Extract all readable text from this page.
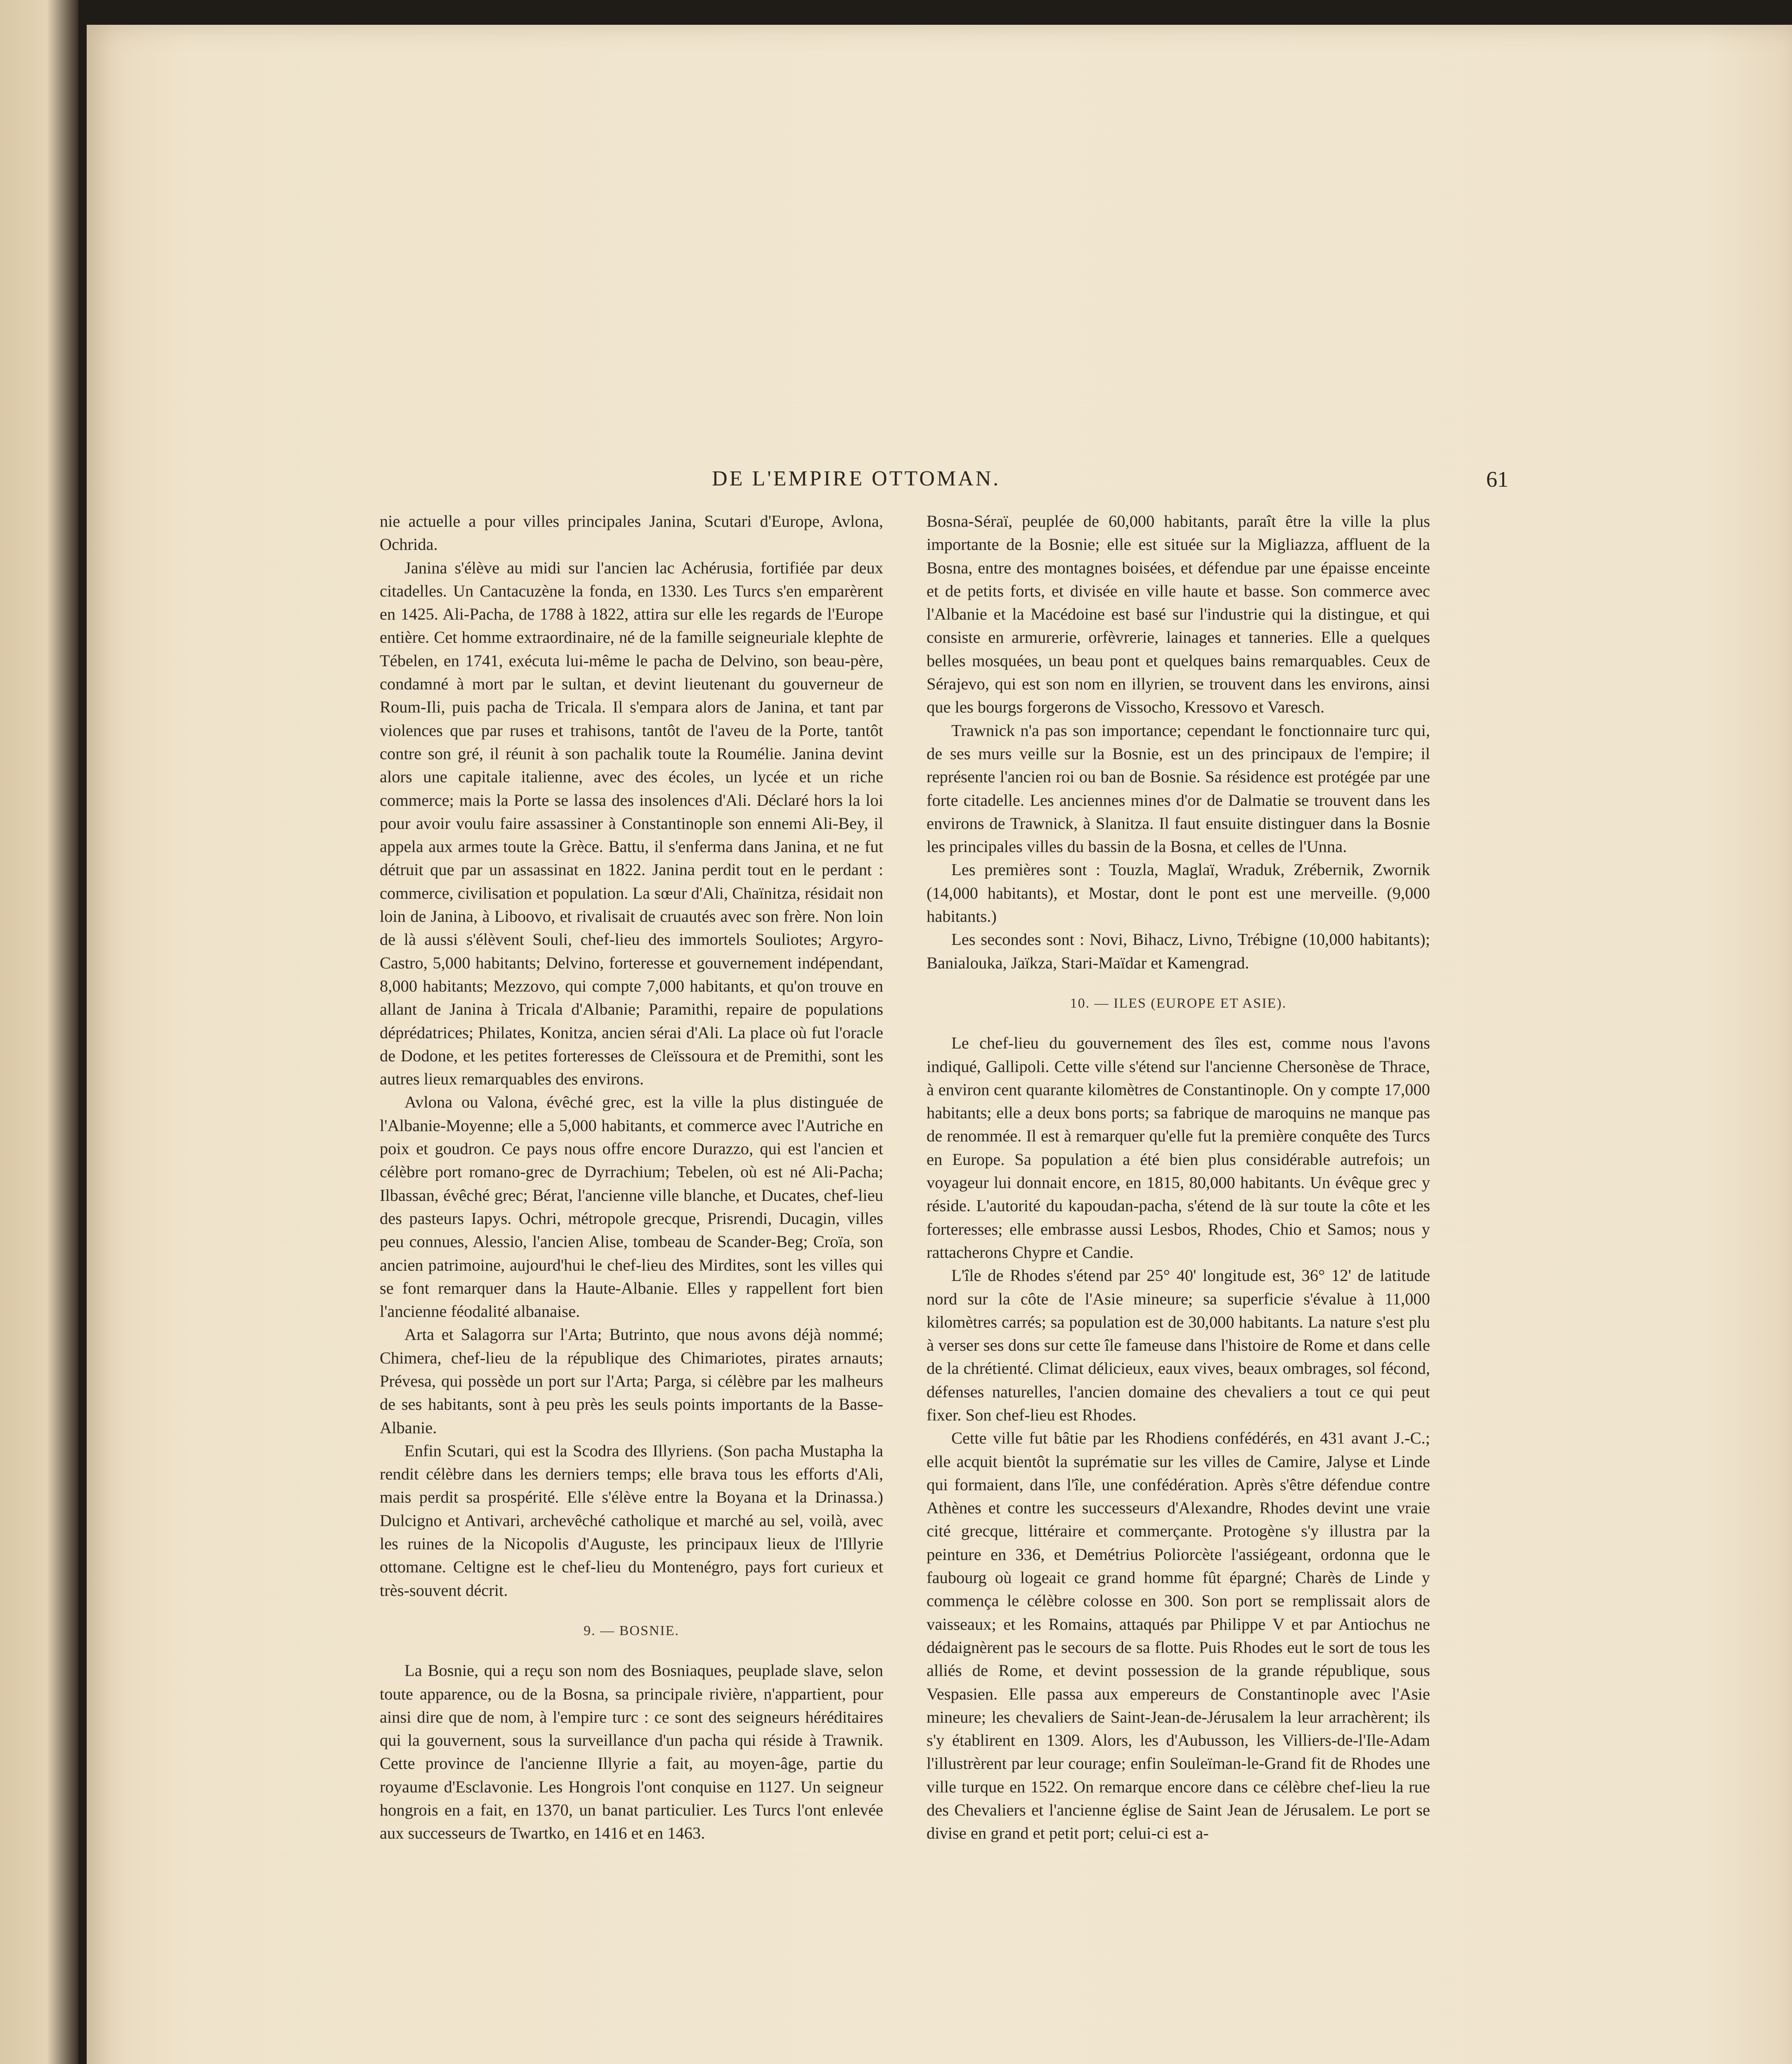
DE L'EMPIRE OTTOMAN.	61

nie actuelle a pour villes principales Janina, Scutari d'Europe, Avlona, Ochrida.

Janina s'élève au midi sur l'ancien lac Achérusia, fortifiée par deux citadelles. Un Cantacuzène la fonda, en 1330. Les Turcs s'en emparèrent en 1425. Ali-Pacha, de 1788 à 1822, attira sur elle les regards de l'Europe entière. Cet homme extraordinaire, né de la famille seigneuriale klephte de Tébelen, en 1741, exécuta lui-même le pacha de Delvino, son beau-père, condamné à mort par le sultan, et devint lieutenant du gouverneur de Roum-Ili, puis pacha de Tricala. Il s'empara alors de Janina, et tant par violences que par ruses et trahisons, tantôt de l'aveu de la Porte, tantôt contre son gré, il réunit à son pachalik toute la Roumélie. Janina devint alors une capitale italienne, avec des écoles, un lycée et un riche commerce; mais la Porte se lassa des insolences d'Ali. Déclaré hors la loi pour avoir voulu faire assassiner à Constantinople son ennemi Ali-Bey, il appela aux armes toute la Grèce. Battu, il s'enferma dans Janina, et ne fut détruit que par un assassinat en 1822. Janina perdit tout en le perdant : commerce, civilisation et population. La sœur d'Ali, Chaïnitza, résidait non loin de Janina, à Liboovo, et rivalisait de cruautés avec son frère. Non loin de là aussi s'élèvent Souli, chef-lieu des immortels Souliotes; Argyro-Castro, 5,000 habitants; Delvino, forteresse et gouvernement indépendant, 8,000 habitants; Mezzovo, qui compte 7,000 habitants, et qu'on trouve en allant de Janina à Tricala d'Albanie; Paramithi, repaire de populations déprédatrices; Philates, Konitza, ancien sérai d'Ali. La place où fut l'oracle de Dodone, et les petites forteresses de Cleïssoura et de Premithi, sont les autres lieux remarquables des environs.

Avlona ou Valona, évêché grec, est la ville la plus distinguée de l'Albanie-Moyenne; elle a 5,000 habitants, et commerce avec l'Autriche en poix et goudron. Ce pays nous offre encore Durazzo, qui est l'ancien et célèbre port romano-grec de Dyrrachium; Tebelen, où est né Ali-Pacha; Ilbassan, évêché grec; Bérat, l'ancienne ville blanche, et Ducates, chef-lieu des pasteurs Iapys. Ochri, métropole grecque, Prisrendi, Ducagin, villes peu connues, Alessio, l'ancien Alise, tombeau de Scander-Beg; Croïa, son ancien patrimoine, aujourd'hui le chef-lieu des Mirdites, sont les villes qui se font remarquer dans la Haute-Albanie. Elles y rappellent fort bien l'ancienne féodalité albanaise.

Arta et Salagorra sur l'Arta; Butrinto, que nous avons déjà nommé; Chimera, chef-lieu de la république des Chimariotes, pirates arnauts; Prévesa, qui possède un port sur l'Arta; Parga, si célèbre par les malheurs de ses habitants, sont à peu près les seuls points importants de la Basse-Albanie.

Enfin Scutari, qui est la Scodra des Illyriens. (Son pacha Mustapha la rendit célèbre dans les derniers temps; elle brava tous les efforts d'Ali, mais perdit sa prospérité. Elle s'élève entre la Boyana et la Drinassa.) Dulcigno et Antivari, archevêché catholique et marché au sel, voilà, avec les ruines de la Nicopolis d'Auguste, les principaux lieux de l'Illyrie ottomane. Celtigne est le chef-lieu du Montenégro, pays fort curieux et très-souvent décrit.

9. — BOSNIE.

La Bosnie, qui a reçu son nom des Bosniaques, peuplade slave, selon toute apparence, ou de la Bosna, sa principale rivière, n'appartient, pour ainsi dire que de nom, à l'empire turc : ce sont des seigneurs héréditaires qui la gouvernent, sous la surveillance d'un pacha qui réside à Trawnik. Cette province de l'ancienne Illyrie a fait, au moyen-âge, partie du royaume d'Esclavonie. Les Hongrois l'ont conquise en 1127. Un seigneur hongrois en a fait, en 1370, un banat particulier. Les Turcs l'ont enlevée aux successeurs de Twartko, en 1416 et en 1463.

Bosna-Séraï, peuplée de 60,000 habitants, paraît être la ville la plus importante de la Bosnie; elle est située sur la Migliazza, affluent de la Bosna, entre des montagnes boisées, et défendue par une épaisse enceinte et de petits forts, et divisée en ville haute et basse. Son commerce avec l'Albanie et la Macédoine est basé sur l'industrie qui la distingue, et qui consiste en armurerie, orfèvrerie, lainages et tanneries. Elle a quelques belles mosquées, un beau pont et quelques bains remarquables. Ceux de Sérajevo, qui est son nom en illyrien, se trouvent dans les environs, ainsi que les bourgs forgerons de Vissocho, Kressovo et Varesch.

Trawnick n'a pas son importance; cependant le fonctionnaire turc qui, de ses murs veille sur la Bosnie, est un des principaux de l'empire; il représente l'ancien roi ou ban de Bosnie. Sa résidence est protégée par une forte citadelle. Les anciennes mines d'or de Dalmatie se trouvent dans les environs de Trawnick, à Slanitza. Il faut ensuite distinguer dans la Bosnie les principales villes du bassin de la Bosna, et celles de l'Unna.

Les premières sont : Touzla, Maglaï, Wraduk, Zrébernik, Zwornik (14,000 habitants), et Mostar, dont le pont est une merveille. (9,000 habitants.)

Les secondes sont : Novi, Bihacz, Livno, Trébigne (10,000 habitants); Banialouka, Jaïkza, Stari-Maïdar et Kamengrad.

10. — ILES (EUROPE ET ASIE).

Le chef-lieu du gouvernement des îles est, comme nous l'avons indiqué, Gallipoli. Cette ville s'étend sur l'ancienne Chersonèse de Thrace, à environ cent quarante kilomètres de Constantinople. On y compte 17,000 habitants; elle a deux bons ports; sa fabrique de maroquins ne manque pas de renommée. Il est à remarquer qu'elle fut la première conquête des Turcs en Europe. Sa population a été bien plus considérable autrefois; un voyageur lui donnait encore, en 1815, 80,000 habitants. Un évêque grec y réside. L'autorité du kapoudan-pacha, s'étend de là sur toute la côte et les forteresses; elle embrasse aussi Lesbos, Rhodes, Chio et Samos; nous y rattacherons Chypre et Candie.

L'île de Rhodes s'étend par 25° 40' longitude est, 36° 12' de latitude nord sur la côte de l'Asie mineure; sa superficie s'évalue à 11,000 kilomètres carrés; sa population est de 30,000 habitants. La nature s'est plu à verser ses dons sur cette île fameuse dans l'histoire de Rome et dans celle de la chrétienté. Climat délicieux, eaux vives, beaux ombrages, sol fécond, défenses naturelles, l'ancien domaine des chevaliers a tout ce qui peut fixer. Son chef-lieu est Rhodes.

Cette ville fut bâtie par les Rhodiens confédérés, en 431 avant J.-C.; elle acquit bientôt la suprématie sur les villes de Camire, Jalyse et Linde qui formaient, dans l'île, une confédération. Après s'être défendue contre Athènes et contre les successeurs d'Alexandre, Rhodes devint une vraie cité grecque, littéraire et commerçante. Protogène s'y illustra par la peinture en 336, et Demétrius Poliorcète l'assiégeant, ordonna que le faubourg où logeait ce grand homme fût épargné; Charès de Linde y commença le célèbre colosse en 300. Son port se remplissait alors de vaisseaux; et les Romains, attaqués par Philippe V et par Antiochus ne dédaignèrent pas le secours de sa flotte. Puis Rhodes eut le sort de tous les alliés de Rome, et devint possession de la grande république, sous Vespasien. Elle passa aux empereurs de Constantinople avec l'Asie mineure; les chevaliers de Saint-Jean-de-Jérusalem la leur arrachèrent; ils s'y établirent en 1309. Alors, les d'Aubusson, les Villiers-de-l'Ile-Adam l'illustrèrent par leur courage; enfin Souleïman-le-Grand fit de Rhodes une ville turque en 1522. On remarque encore dans ce célèbre chef-lieu la rue des Chevaliers et l'ancienne église de Saint Jean de Jérusalem. Le port se divise en grand et petit port; celui-ci est a-
